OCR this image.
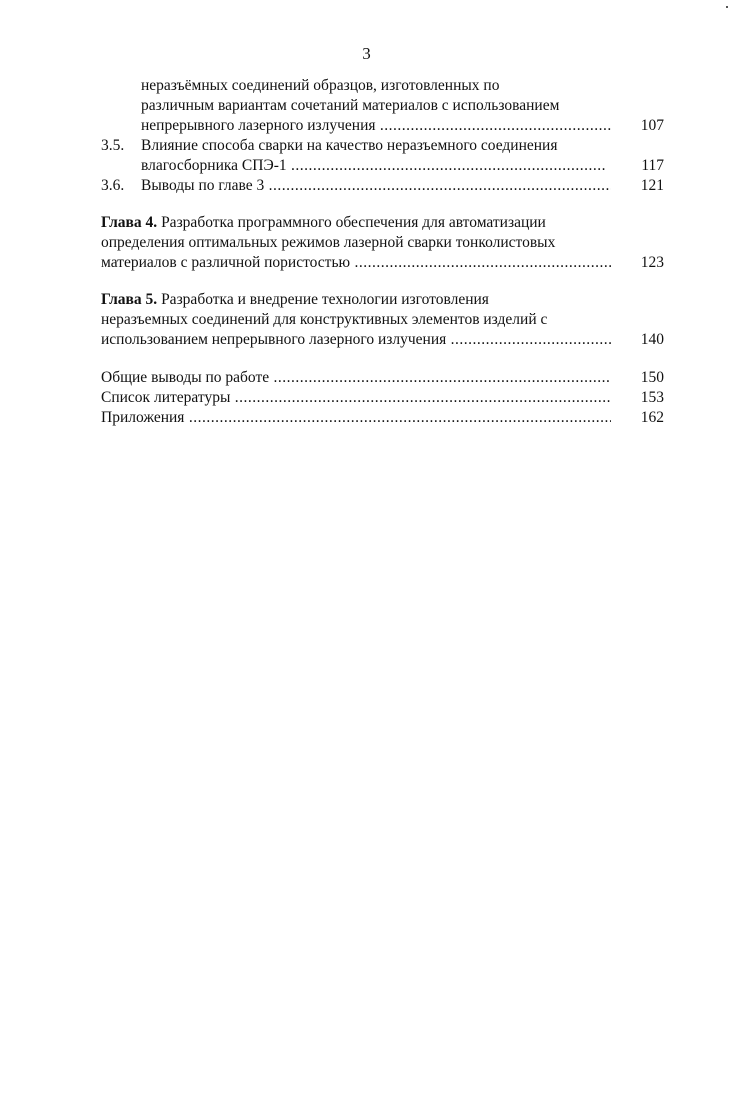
3
неразъёмных соединений образцов, изготовленных по
различным вариантам сочетаний материалов с использованием
непрерывного лазерного излучения .....	107
3.5. Влияние способа сварки на качество неразъемного соединения
влагосборника СПЭ-1 .....	117
3.6. Выводы по главе 3 .....	121
Глава 4. Разработка программного обеспечения для автоматизации
определения оптимальных режимов лазерной сварки тонколистовых
материалов с различной пористостью .....	123
Глава 5. Разработка и внедрение технологии изготовления
неразъемных соединений для конструктивных элементов изделий с
использованием непрерывного лазерного излучения .....	140
Общие выводы по работе .....	150
Список литературы .....	153
Приложения .....	162
